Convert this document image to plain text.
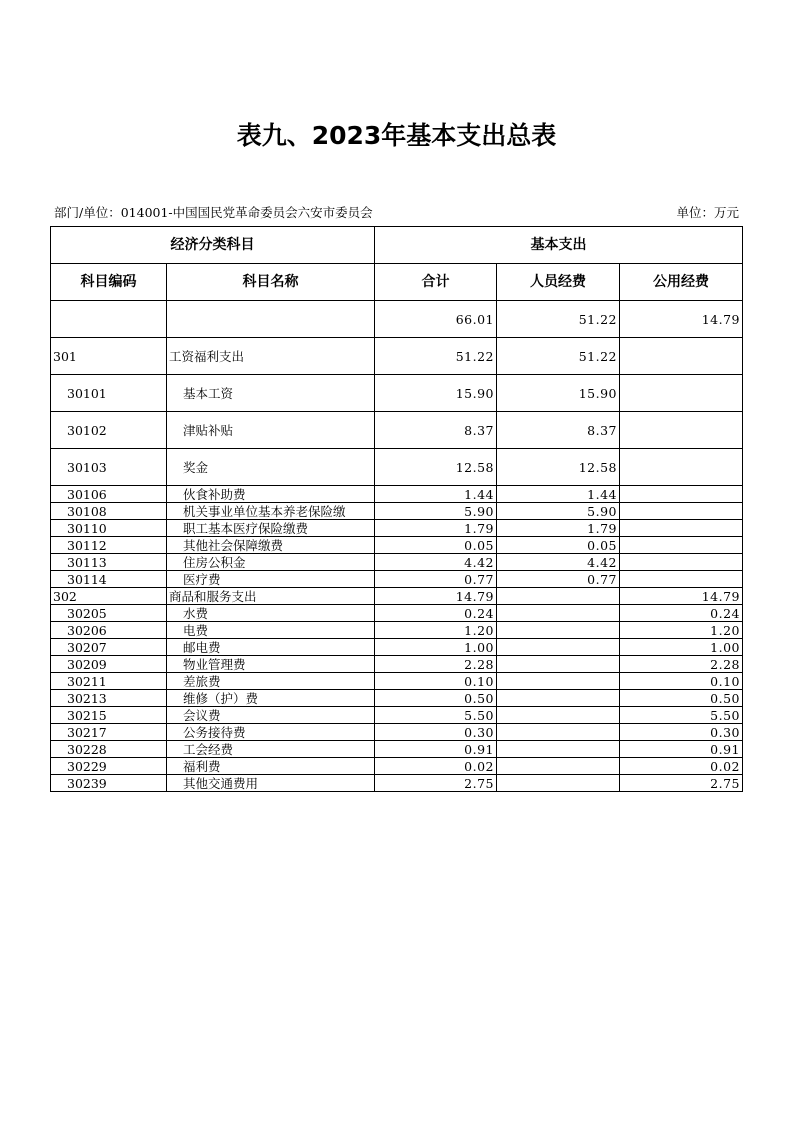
表九、2023年基本支出总表
部门/单位：014001-中国国民党革命委员会六安市委员会	单位：万元
经济分类科目		基本支出		
科目编码	科目名称	合计	人员经费	公用经费
		66.01	51.22	14.79
301	工资福利支出	51.22	51.22	
30101	基本工资	15.90	15.90	
30102	津贴补贴	8.37	8.37	
30103	奖金	12.58	12.58	
30106	伙食补助费	1.44	1.44	
30108	机关事业单位基本养老保险缴	5.90	5.90	
30110	职工基本医疗保险缴费	1.79	1.79	
30112	其他社会保障缴费	0.05	0.05	
30113	住房公积金	4.42	4.42	
30114	医疗费	0.77	0.77	
302	商品和服务支出	14.79		14.79
30205	水费	0.24		0.24
30206	电费	1.20		1.20
30207	邮电费	1.00		1.00
30209	物业管理费	2.28		2.28
30211	差旅费	0.10		0.10
30213	维修（护）费	0.50		0.50
30215	会议费	5.50		5.50
30217	公务接待费	0.30		0.30
30228	工会经费	0.91		0.91
30229	福利费	0.02		0.02
30239	其他交通费用	2.75		2.75
